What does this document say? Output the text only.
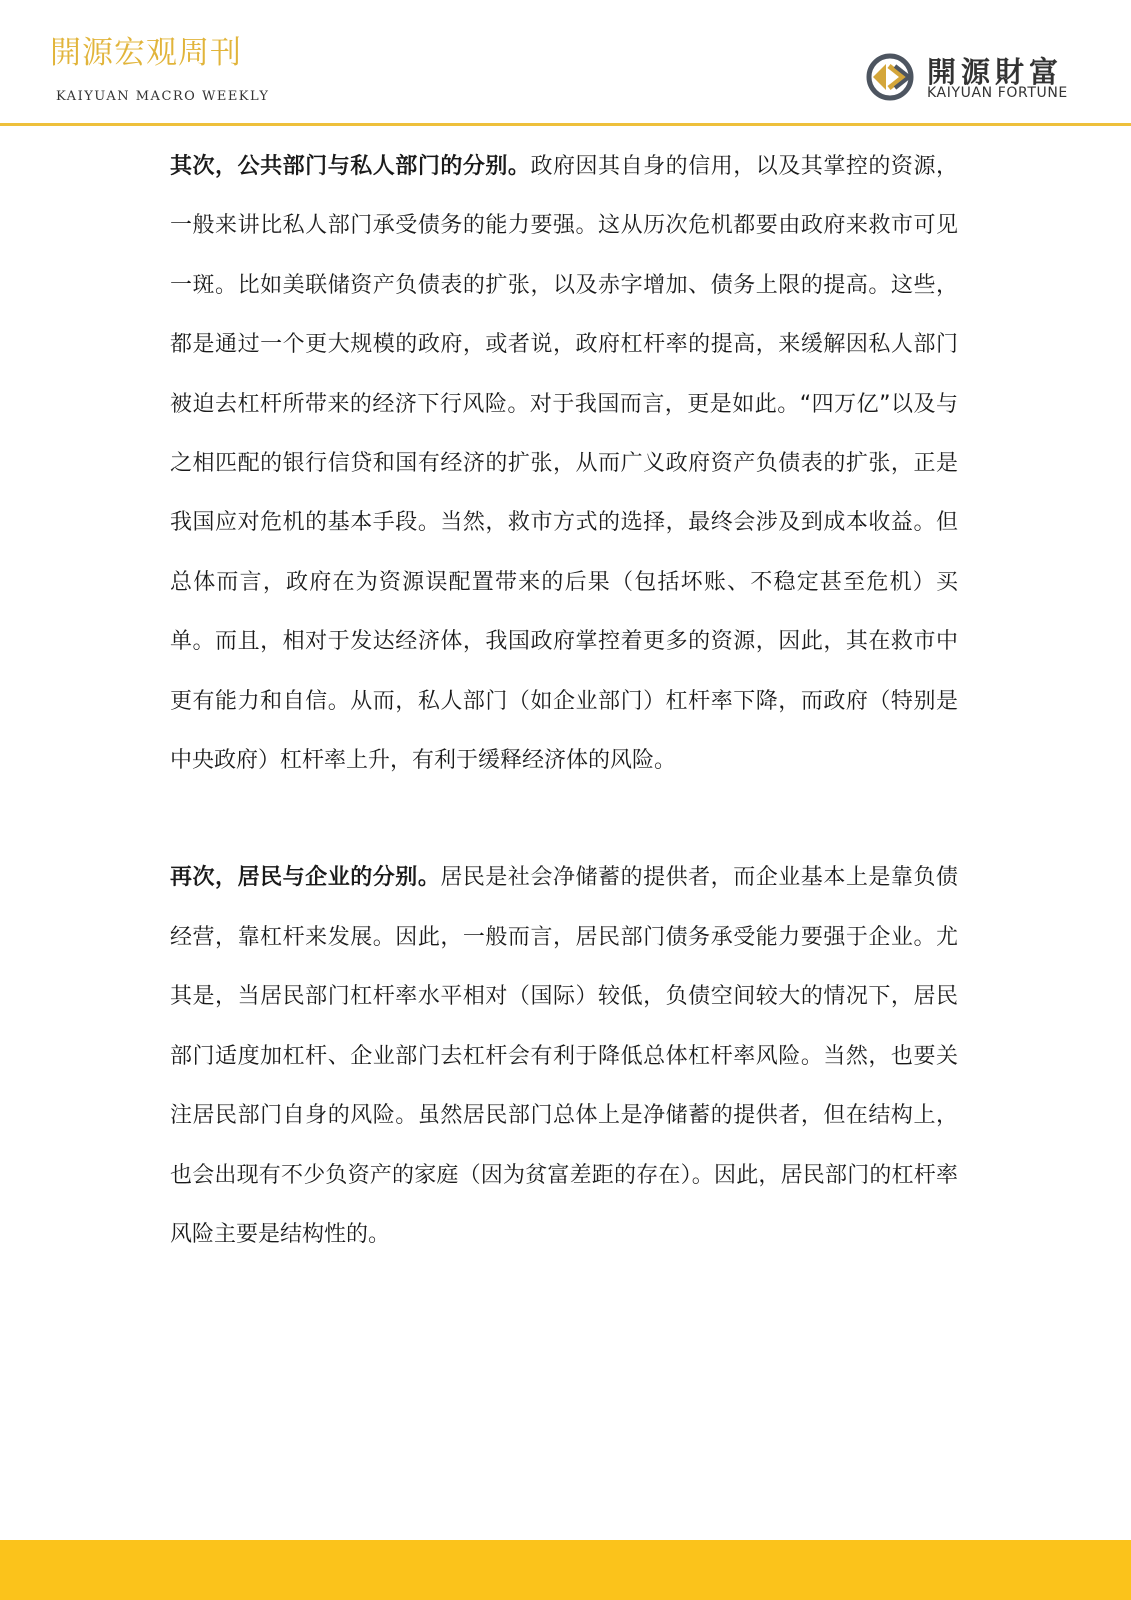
開源宏观周刊
KAIYUAN MACRO WEEKLY
開源財富
KAIYUAN FORTUNE

其次，公共部门与私人部门的分别。政府因其自身的信用，以及其掌控的资源，一般来讲比私人部门承受债务的能力要强。这从历次危机都要由政府来救市可见一斑。比如美联储资产负债表的扩张，以及赤字增加、债务上限的提高。这些，都是通过一个更大规模的政府，或者说，政府杠杆率的提高，来缓解因私人部门被迫去杠杆所带来的经济下行风险。对于我国而言，更是如此。“四万亿”以及与之相匹配的银行信贷和国有经济的扩张，从而广义政府资产负债表的扩张，正是我国应对危机的基本手段。当然，救市方式的选择，最终会涉及到成本收益。但总体而言，政府在为资源误配置带来的后果（包括坏账、不稳定甚至危机）买单。而且，相对于发达经济体，我国政府掌控着更多的资源，因此，其在救市中更有能力和自信。从而，私人部门（如企业部门）杠杆率下降，而政府（特别是中央政府）杠杆率上升，有利于缓释经济体的风险。

再次，居民与企业的分别。居民是社会净储蓄的提供者，而企业基本上是靠负债经营，靠杠杆来发展。因此，一般而言，居民部门债务承受能力要强于企业。尤其是，当居民部门杠杆率水平相对（国际）较低，负债空间较大的情况下，居民部门适度加杠杆、企业部门去杠杆会有利于降低总体杠杆率风险。当然，也要关注居民部门自身的风险。虽然居民部门总体上是净储蓄的提供者，但在结构上，也会出现有不少负资产的家庭（因为贫富差距的存在）。因此，居民部门的杠杆率风险主要是结构性的。
